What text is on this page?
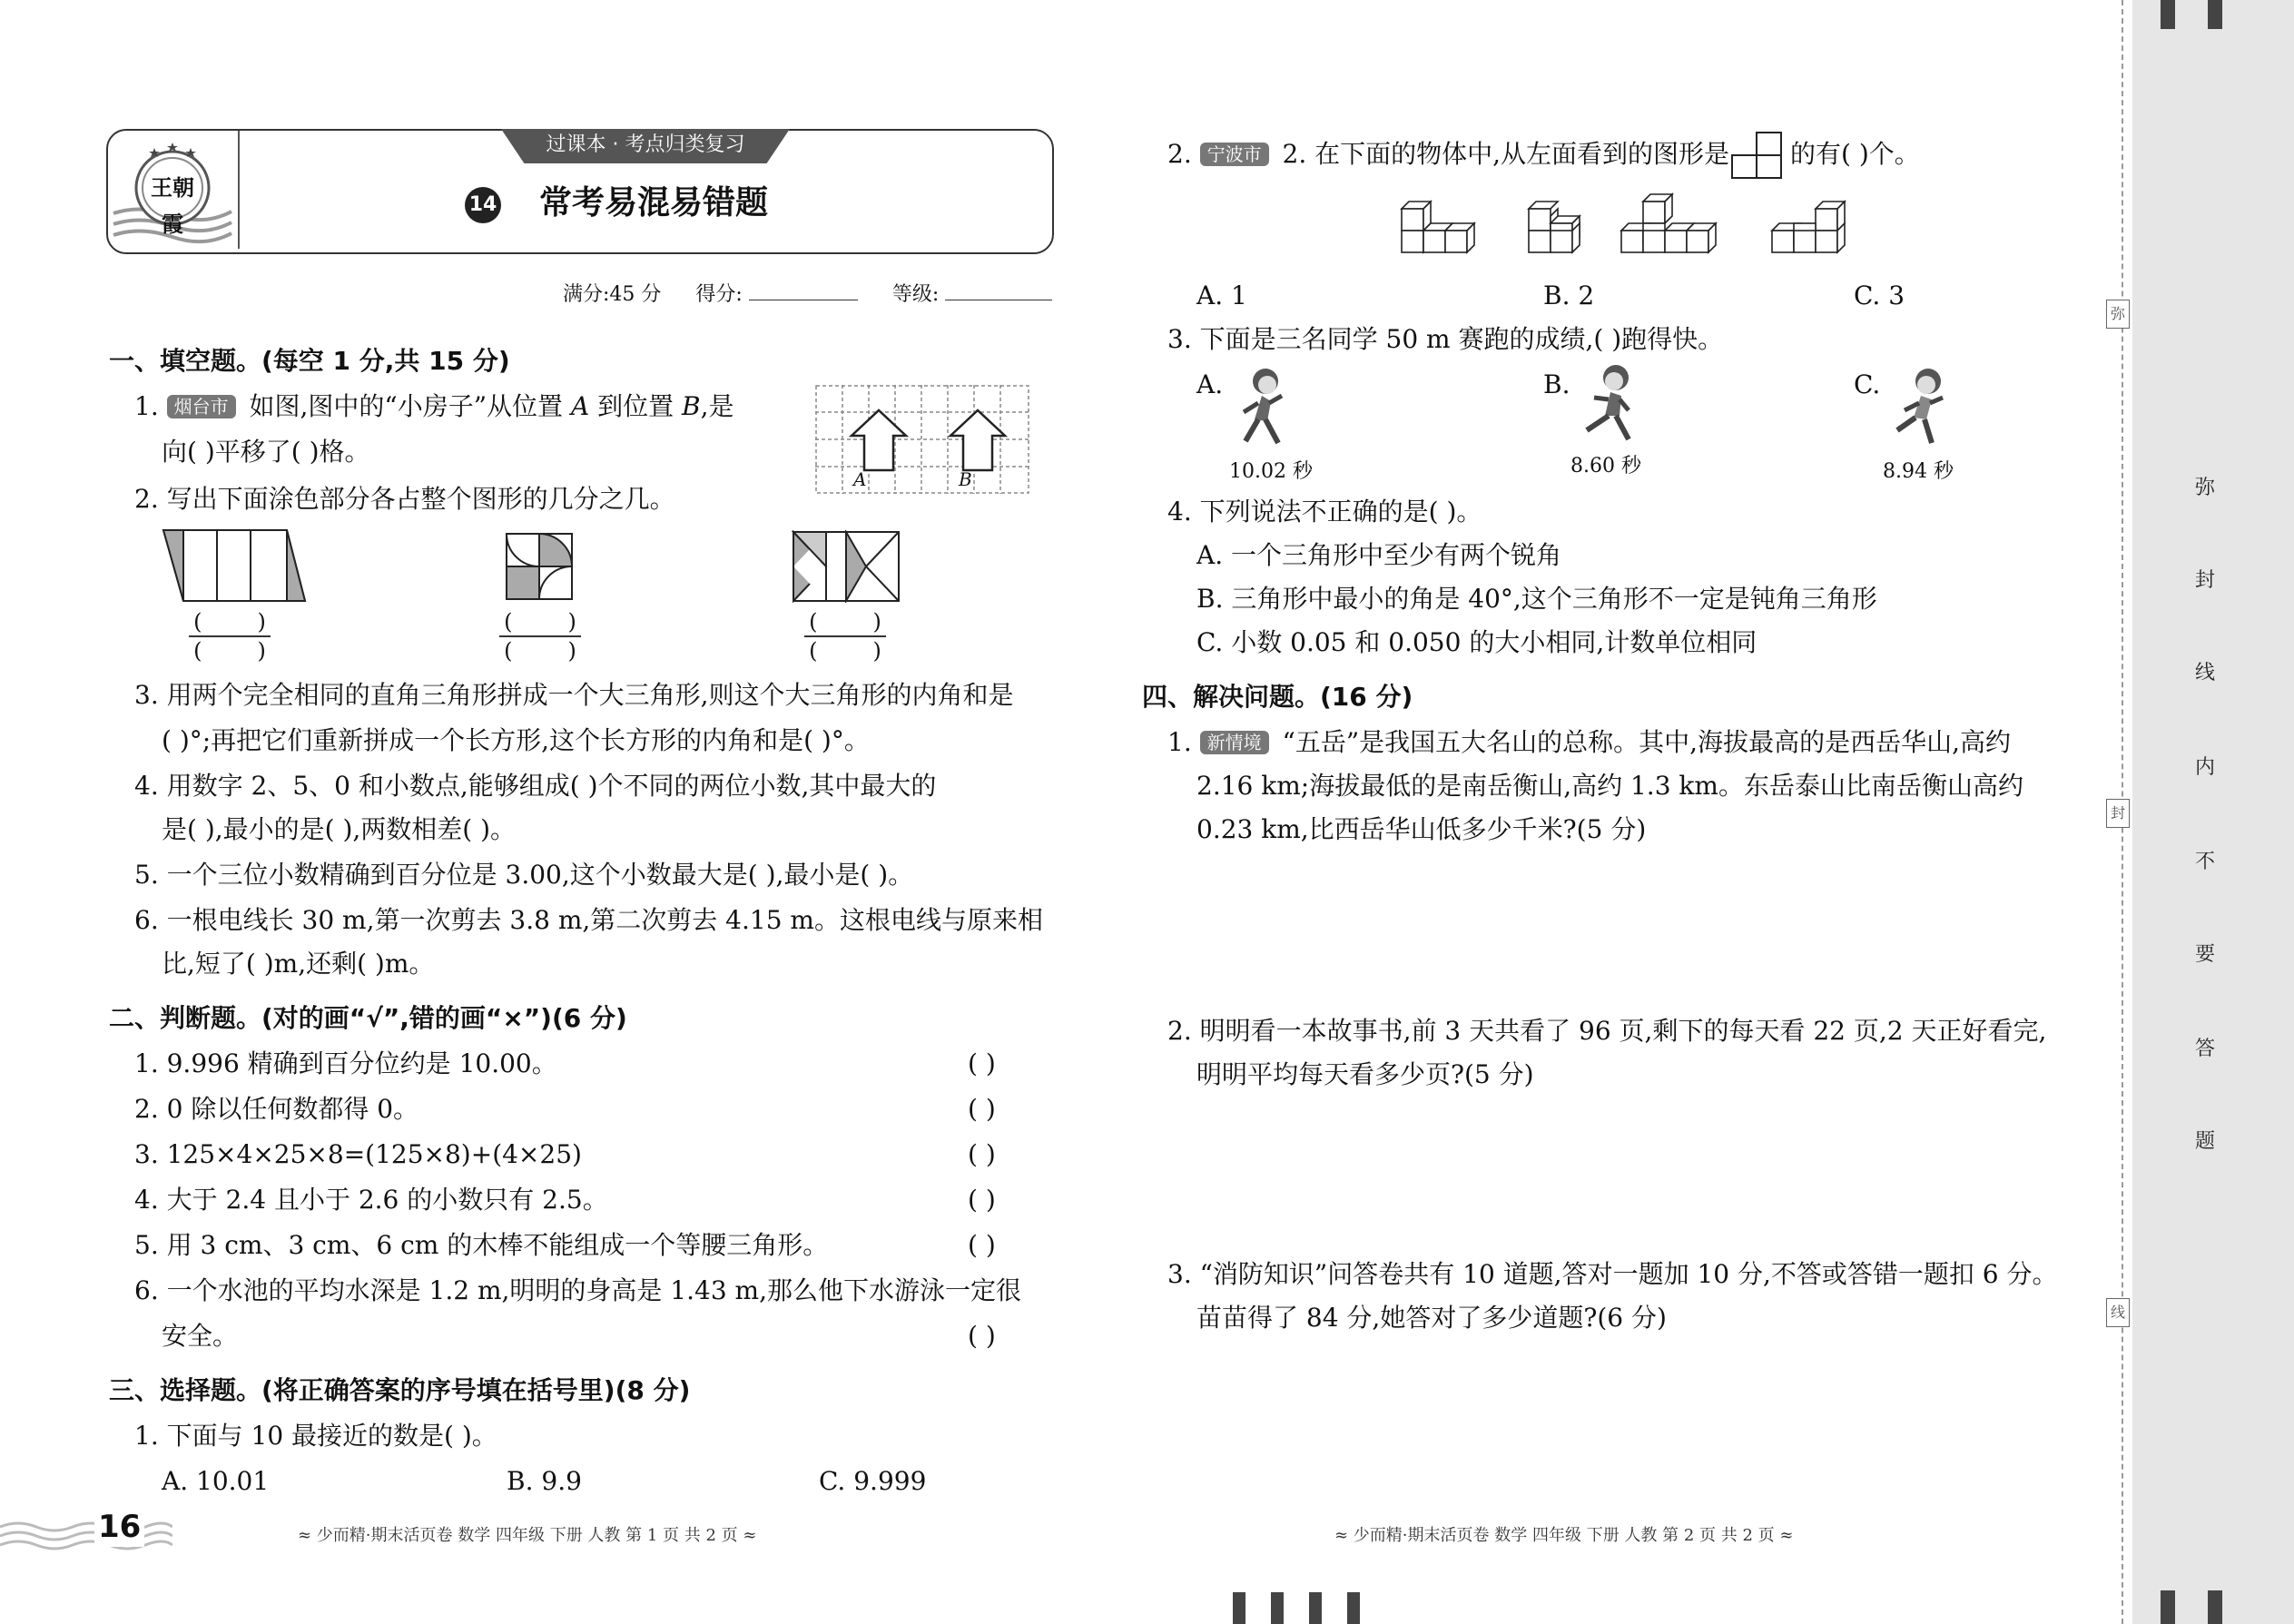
王朝霞
过课本 · 考点归类复习
14 常考易混易错题
满分:45 分 得分:	等级:
一、填空题。(每空 1 分,共 15 分)
1. 烟台市 如图,图中的“小房子”从位置 A 到位置 B,是
向( )平移了( )格。
A	B
2. 写出下面涂色部分各占整个图形的几分之几。
(        )
(        )
(        )
(        )
(        )
(        )
3. 用两个完全相同的直角三角形拼成一个大三角形,则这个大三角形的内角和是
( )°;再把它们重新拼成一个长方形,这个长方形的内角和是( )°。
4. 用数字 2、5、0 和小数点,能够组成( )个不同的两位小数,其中最大的
是( ),最小的是( ),两数相差( )。
5. 一个三位小数精确到百分位是 3.00,这个小数最大是( ),最小是( )。
6. 一根电线长 30 m,第一次剪去 3.8 m,第二次剪去 4.15 m。这根电线与原来相
比,短了( )m,还剩( )m。
二、判断题。(对的画“√”,错的画“×”)(6 分)
1. 9.996 精确到百分位约是 10.00。	( )
2. 0 除以任何数都得 0。	( )
3. 125×4×25×8=(125×8)+(4×25)	( )
4. 大于 2.4 且小于 2.6 的小数只有 2.5。	( )
5. 用 3 cm、3 cm、6 cm 的木棒不能组成一个等腰三角形。	( )
6. 一个水池的平均水深是 1.2 m,明明的身高是 1.43 m,那么他下水游泳一定很
安全。	( )
三、选择题。(将正确答案的序号填在括号里)(8 分)
1. 下面与 10 最接近的数是( )。
A. 10.01	B. 9.9	C. 9.999
16	≈ 少而精·期末活页卷 数学 四年级 下册 人教 第 1 页 共 2 页 ≈
2. 宁波市 2. 在下面的物体中,从左面看到的图形是 的有( )个。
A. 1	B. 2	C. 3
3. 下面是三名同学 50 m 赛跑的成绩,( )跑得快。
A.
10.02 秒
B.
8.60 秒
C.
8.94 秒
4. 下列说法不正确的是( )。
A. 一个三角形中至少有两个锐角
B. 三角形中最小的角是 40°,这个三角形不一定是钝角三角形
C. 小数 0.05 和 0.050 的大小相同,计数单位相同
四、解决问题。(16 分)
1. 新情境 “五岳”是我国五大名山的总称。其中,海拔最高的是西岳华山,高约
2.16 km;海拔最低的是南岳衡山,高约 1.3 km。东岳泰山比南岳衡山高约
0.23 km,比西岳华山低多少千米?(5 分)
2. 明明看一本故事书,前 3 天共看了 96 页,剩下的每天看 22 页,2 天正好看完,
明明平均每天看多少页?(5 分)
3. “消防知识”问答卷共有 10 道题,答对一题加 10 分,不答或答错一题扣 6 分。
苗苗得了 84 分,她答对了多少道题?(6 分)
≈ 少而精·期末活页卷 数学 四年级 下册 人教 第 2 页 共 2 页 ≈
弥
封
线
弥
封
线
内
不
要
答
题
